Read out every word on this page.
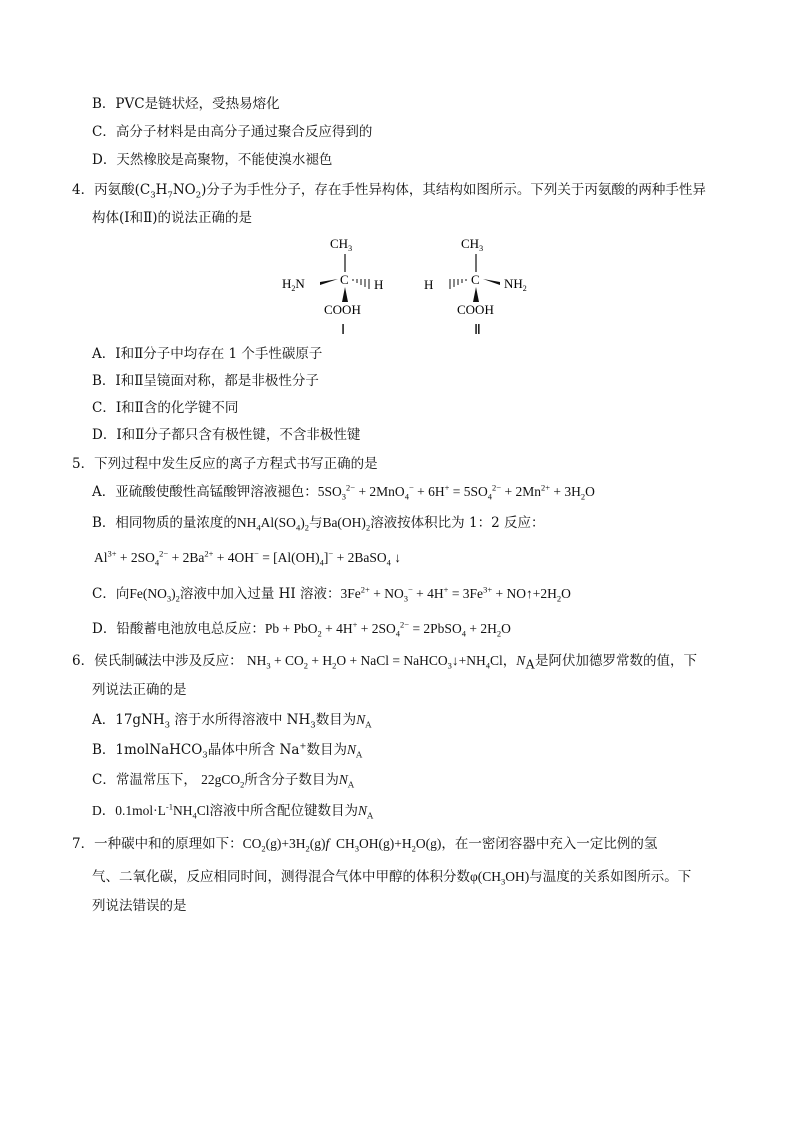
B．PVC是链状烃，受热易熔化
C．高分子材料是由高分子通过聚合反应得到的
D．天然橡胶是高聚物，不能使溴水褪色
4．丙氨酸$(C_3H_7NO_2)$分子为手性分子，存在手性异构体，其结构如图所示。下列关于丙氨酸的两种手性异
构体(Ⅰ和Ⅱ)的说法正确的是
$CH_3$
C
$H_2N$	H
COOH
Ⅰ
$CH_3$
C
H	$NH_2$
COOH
Ⅱ
A．Ⅰ和Ⅱ分子中均存在 1 个手性碳原子
B．Ⅰ和Ⅱ呈镜面对称，都是非极性分子
C．Ⅰ和Ⅱ含的化学键不同
D．Ⅰ和Ⅱ分子都只含有极性键，不含非极性键
5．下列过程中发生反应的离子方程式书写正确的是
A．亚硫酸使酸性高锰酸钾溶液褪色：$5SO_3^{2-} + 2MnO_4^- + 6H^+ = 5SO_4^{2-} + 2Mn^{2+} + 3H_2O$
B．相同物质的量浓度的$NH_4Al(SO_4)_2$与$Ba(OH)_2$溶液按体积比为 1：2 反应：
$Al^{3+} + 2SO_4^{2-} + 2Ba^{2+} + 4OH^- = [Al(OH)_4]^-$ + 2BaSO$_4$ ↓
C．向$Fe(NO_3)_2$溶液中加入过量 HI 溶液：$3Fe^{2+} + NO_3^- + 4H^+ = 3Fe^{3+}$ + $NO↑+2H_2O$
D．铅酸蓄电池放电总反应：$Pb + PbO_2 + 4H^+ + 2SO_4^{2-}$ = 2PbSO$_4$ + $2H_2O$
6．侯氏制碱法中涉及反应： $NH_3 + CO_2 + H_2O$ + NaCl = $NaHCO_3↓+NH_4Cl$，$N_A$是阿伏加德罗常数的值，下
列说法正确的是
A．17gNH$_3$ 溶于水所得溶液中 $NH_3$数目为$N_A$
B．1molNaHCO$_3$晶体中所含 Na+数目为$N_A$
C．常温常压下， 22gCO$_2$所含分子数目为$N_A$
D．$0.1mol\cdot L^{-1}NH_4Cl$溶液中所含配位键数目为$N_A$
7．一种碳中和的原理如下：$CO_2(g)+3H_2(g)f$  $CH_3OH(g)+H_2O(g)$，在一密闭容器中充入一定比例的氢
气、二氧化碳，反应相同时间，测得混合气体中甲醇的体积分数$\varphi(CH_3OH)$与温度的关系如图所示。下
列说法错误的是
